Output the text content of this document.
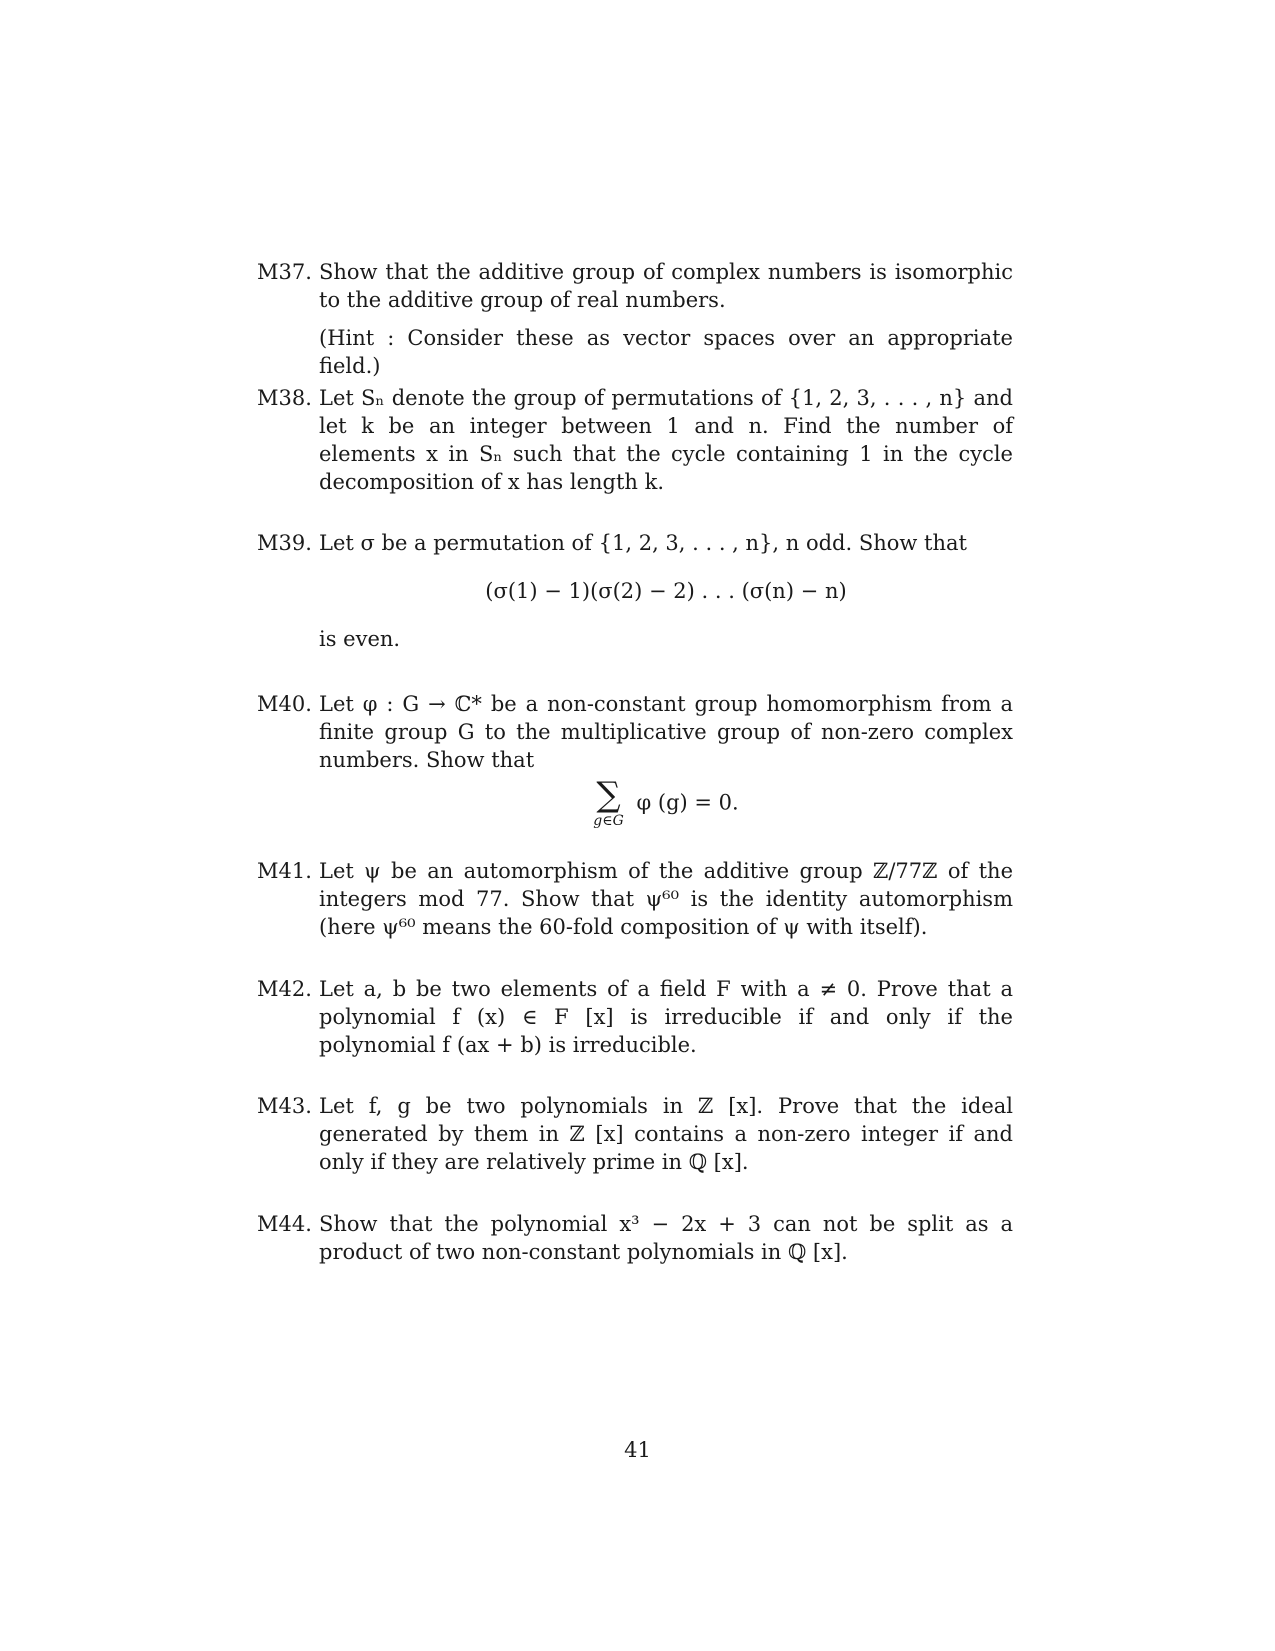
M37. Show that the additive group of complex numbers is isomorphic to the additive group of real numbers.

(Hint : Consider these as vector spaces over an appropriate field.)

M38. Let Sₙ denote the group of permutations of {1, 2, 3, . . . , n} and let k be an integer between 1 and n. Find the number of elements x in Sₙ such that the cycle containing 1 in the cycle decomposition of x has length k.

M39. Let σ be a permutation of {1, 2, 3, . . . , n}, n odd. Show that

(σ(1) − 1)(σ(2) − 2) . . . (σ(n) − n)

is even.

M40. Let φ : G → ℂ* be a non-constant group homomorphism from a finite group G to the multiplicative group of non-zero complex numbers. Show that

∑
g∈G
φ (g) = 0.
M41. Let ψ be an automorphism of the additive group ℤ/77ℤ of the integers mod 77. Show that ψ⁶⁰ is the identity automorphism (here ψ⁶⁰ means the 60-fold composition of ψ with itself).

M42. Let a, b be two elements of a field F with a ≠ 0. Prove that a polynomial f (x) ∈ F [x] is irreducible if and only if the polynomial f (ax + b) is irreducible.

M43. Let f, g be two polynomials in ℤ [x]. Prove that the ideal generated by them in ℤ [x] contains a non-zero integer if and only if they are relatively prime in ℚ [x].

M44. Show that the polynomial x³ − 2x + 3 can not be split as a product of two non-constant polynomials in ℚ [x].

41
